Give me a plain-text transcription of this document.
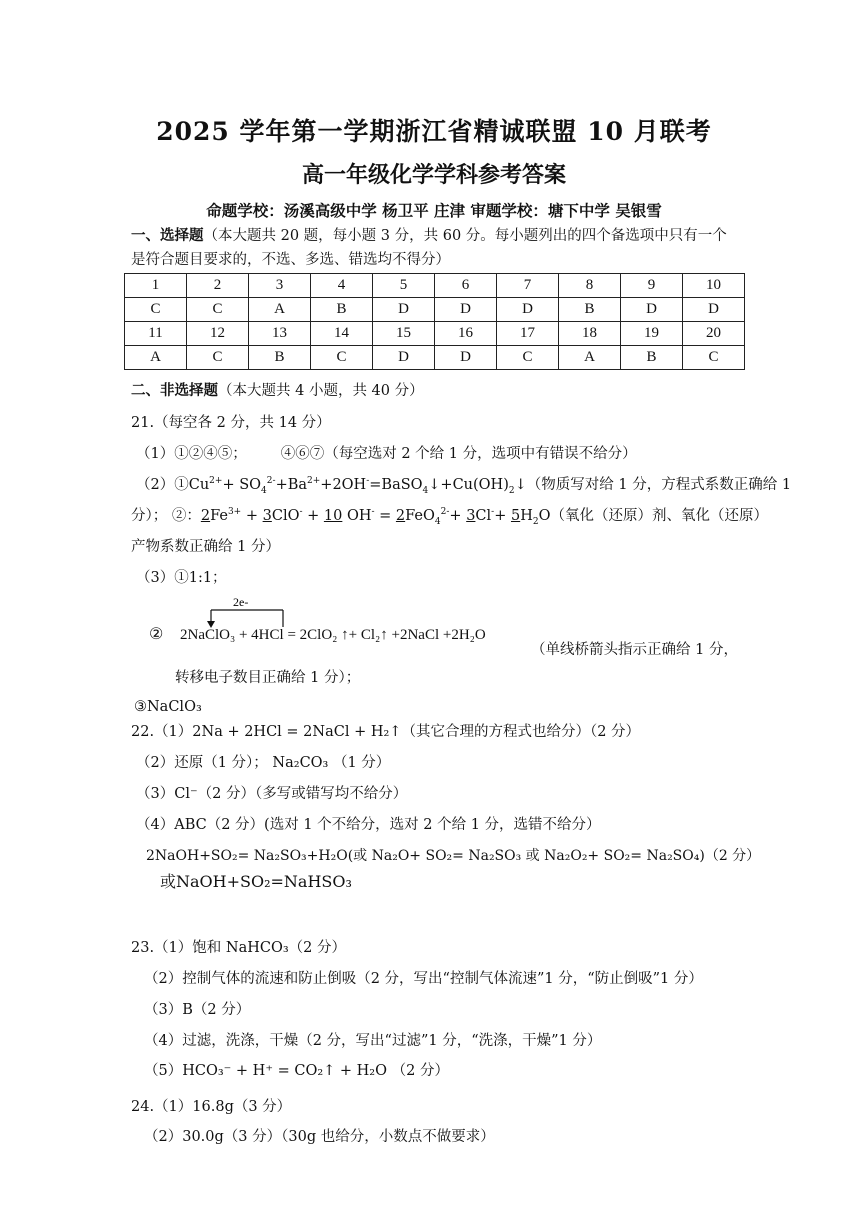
2025 学年第一学期浙江省精诚联盟 10 月联考
高一年级化学学科参考答案
命题学校：汤溪高级中学 杨卫平 庄津 审题学校：塘下中学 吴银雪
一、选择题（本大题共 20 题，每小题 3 分，共 60 分。每小题列出的四个备选项中只有一个
是符合题目要求的，不选、多选、错选均不得分）
1	2	3	4	5	6	7	8	9	10
C	C	A	B	D	D	D	B	D	D
11	12	13	14	15	16	17	18	19	20
A	C	B	C	D	D	C	A	B	C
二、非选择题（本大题共 4 小题，共 40 分）
21.（每空各 2 分，共 14 分）
（1）①②④⑤； ④⑥⑦（每空选对 2 个给 1 分，选项中有错误不给分）
$(2)①Cu^{2+}+$ $SO_4^{2-}+Ba^{2+}+2OH^-=BaSO_4↓+Cu(OH)_2↓$（物质写对给 1 分，方程式系数正确给 1
分）； ②：$2Fe^{3+} + 3ClO^- + 10$ $OH^- = 2FeO_4^{2-}+ 3Cl^-+ 5H_2O$（氧化（还原）剂、氧化（还原）
产物系数正确给 1 分）
（3）①1:1；
②
2e-
2NaClO₃ + 4HCl = 2ClO₂ ↑+ Cl₂↑ +2NaCl +2H₂O
（单线桥箭头指示正确给 1 分，
转移电子数目正确给 1 分）；
③NaClO₃
22.（1）2Na + 2HCl = 2NaCl + H₂↑（其它合理的方程式也给分）（2 分）
（2）还原（1 分）； Na₂CO₃ （1 分）
（3）Cl⁻（2 分）（多写或错写均不给分）
（4）ABC（2 分）(选对 1 个不给分，选对 2 个给 1 分，选错不给分）
2NaOH+SO₂= Na₂SO₃+H₂O(或 Na₂O+ SO₂= Na₂SO₃ 或 Na₂O₂+ SO₂= Na₂SO₄)（2 分）
或NaOH+SO₂=NaHSO₃
23.（1）饱和 NaHCO₃（2 分）
（2）控制气体的流速和防止倒吸（2 分，写出“控制气体流速”1 分，“防止倒吸”1 分）
（3）B（2 分）
（4）过滤，洗涤，干燥（2 分，写出“过滤”1 分，“洗涤，干燥”1 分）
（5）HCO₃⁻ + H⁺ = CO₂↑ + H₂O （2 分）
24.（1）16.8g（3 分）
（2）30.0g（3 分）（30g 也给分，小数点不做要求）
